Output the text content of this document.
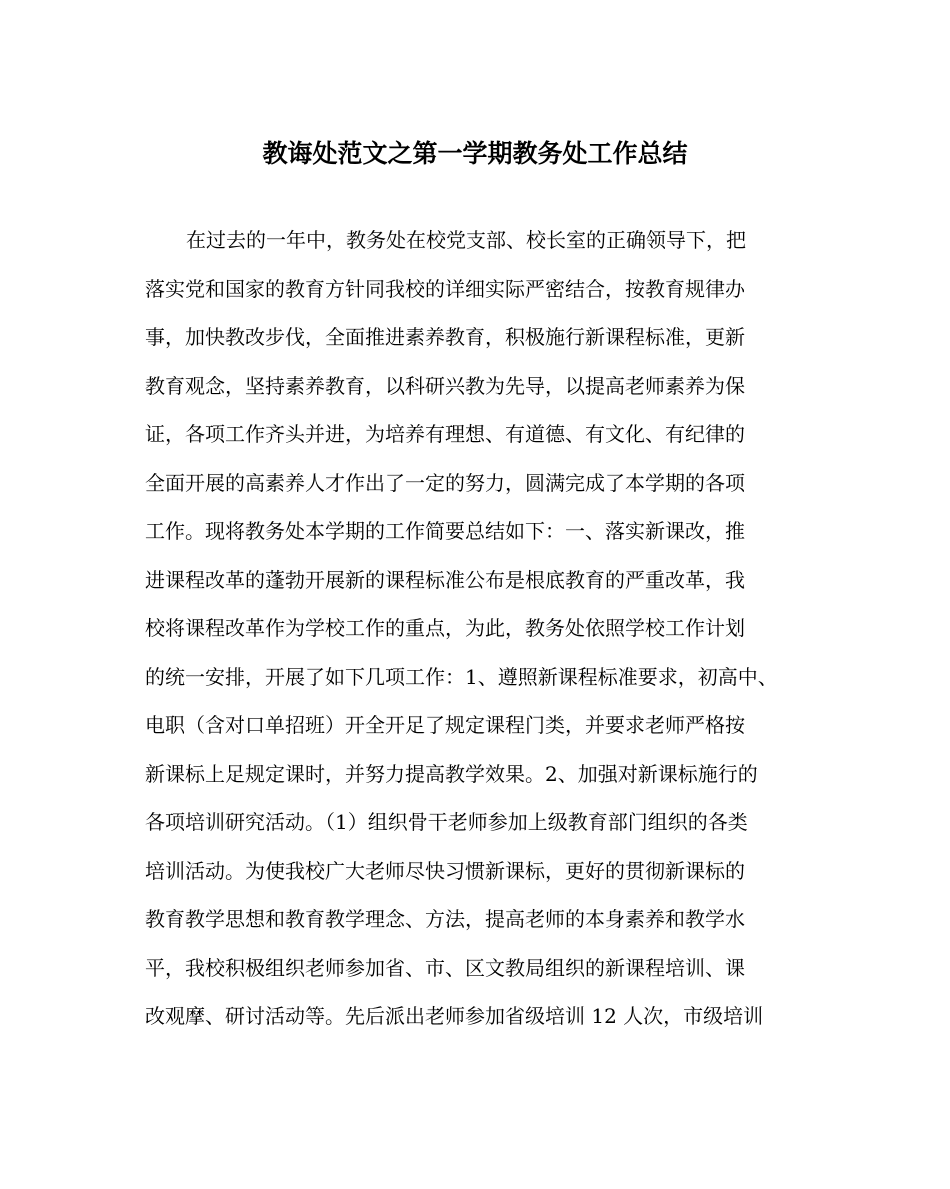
教诲处范文之第一学期教务处工作总结
在过去的一年中，教务处在校党支部、校长室的正确领导下，把
落实党和国家的教育方针同我校的详细实际严密结合，按教育规律办
事，加快教改步伐，全面推进素养教育，积极施行新课程标准，更新
教育观念，坚持素养教育，以科研兴教为先导，以提高老师素养为保
证，各项工作齐头并进，为培养有理想、有道德、有文化、有纪律的
全面开展的高素养人才作出了一定的努力，圆满完成了本学期的各项
工作。现将教务处本学期的工作简要总结如下：一、落实新课改，推
进课程改革的蓬勃开展新的课程标准公布是根底教育的严重改革，我
校将课程改革作为学校工作的重点，为此，教务处依照学校工作计划
的统一安排，开展了如下几项工作：1、遵照新课程标准要求，初高中、
电职（含对口单招班）开全开足了规定课程门类，并要求老师严格按
新课标上足规定课时，并努力提高教学效果。2、加强对新课标施行的
各项培训研究活动。（1）组织骨干老师参加上级教育部门组织的各类
培训活动。为使我校广大老师尽快习惯新课标，更好的贯彻新课标的
教育教学思想和教育教学理念、方法，提高老师的本身素养和教学水
平，我校积极组织老师参加省、市、区文教局组织的新课程培训、课
改观摩、研讨活动等。先后派出老师参加省级培训 12 人次，市级培训
